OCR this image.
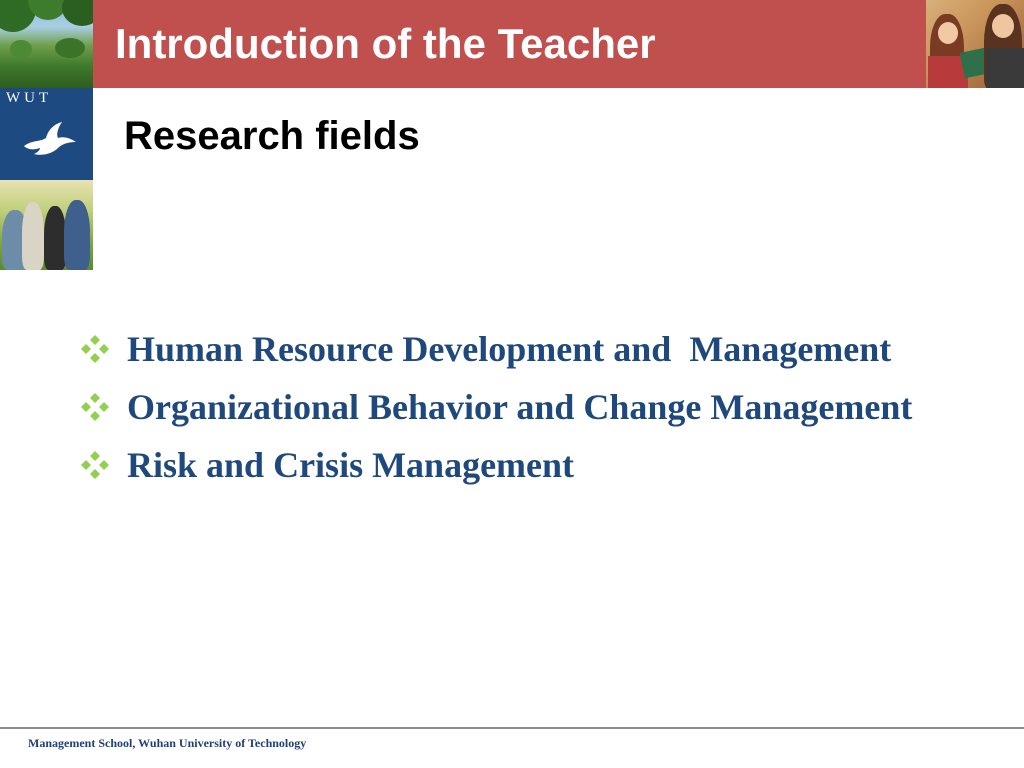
WUT
Introduction of the Teacher
Research fields
Human Resource Development and  Management
Organizational Behavior and Change Management
Risk and Crisis Management
Management School, Wuhan University of Technology
